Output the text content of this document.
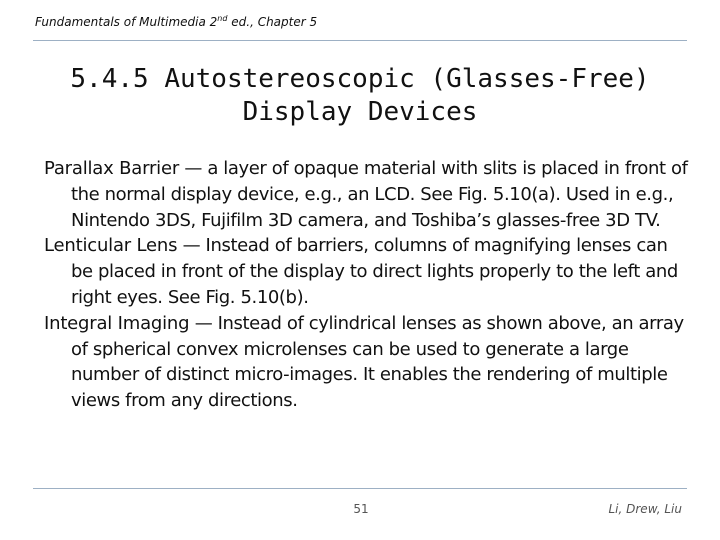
Fundamentals of Multimedia 2nd ed., Chapter 5
5.4.5 Autostereoscopic (Glasses-Free)
Display Devices
Parallax Barrier — a layer of opaque material with slits is placed in front of the normal display device, e.g., an LCD. See Fig. 5.10(a). Used in e.g., Nintendo 3DS, Fujifilm 3D camera, and Toshiba’s glasses-free 3D TV.
Lenticular Lens — Instead of barriers, columns of magnifying lenses can be placed in front of the display to direct lights properly to the left and right eyes. See Fig. 5.10(b).
Integral Imaging — Instead of cylindrical lenses as shown above, an array of spherical convex microlenses can be used to generate a large number of distinct micro-images. It enables the rendering of multiple views from any directions.
51	Li, Drew, Liu
